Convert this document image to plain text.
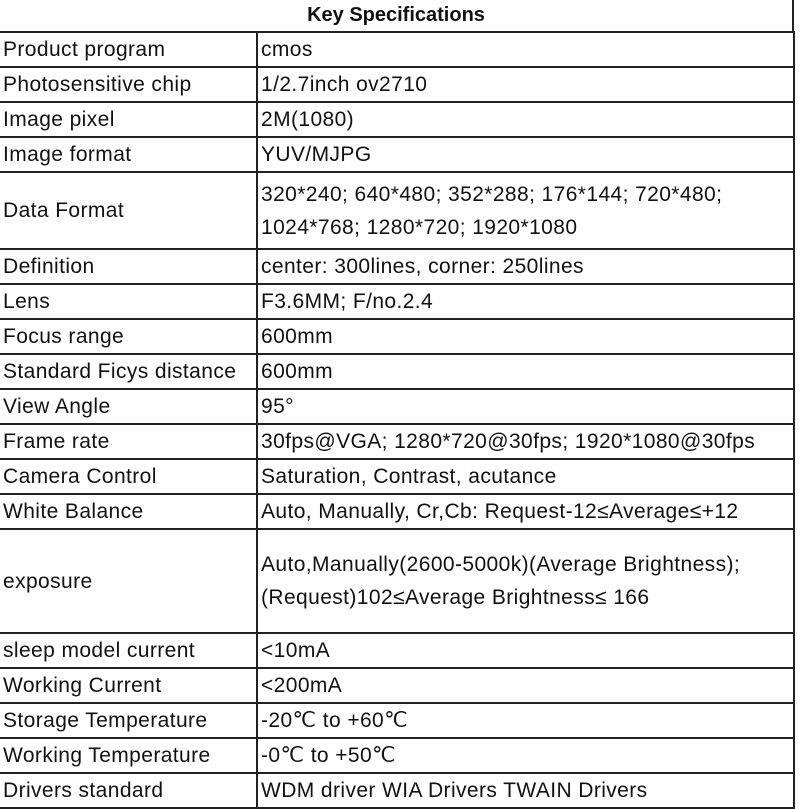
Key Specifications
Product program	cmos
Photosensitive chip	1/2.7inch ov2710
Image pixel	2M(1080)
Image format	YUV/MJPG
Data Format	320*240; 640*480; 352*288; 176*144; 720*480; 1024*768; 1280*720; 1920*1080
Definition	center: 300lines, corner: 250lines
Lens	F3.6MM; F/no.2.4
Focus range	600mm
Standard Ficys distance	600mm
View Angle	95°
Frame rate	30fps@VGA; 1280*720@30fps; 1920*1080@30fps
Camera Control	Saturation, Contrast, acutance
White Balance	Auto, Manually, Cr,Cb: Request-12≤Average≤+12
exposure	Auto,Manually(2600-5000k)(Average Brightness);(Request)102≤Average Brightness≤ 166
sleep model current	<10mA
Working Current	<200mA
Storage Temperature	-20℃ to +60℃
Working Temperature	-0℃ to +50℃
Drivers standard	WDM driver WIA Drivers TWAIN Drivers
